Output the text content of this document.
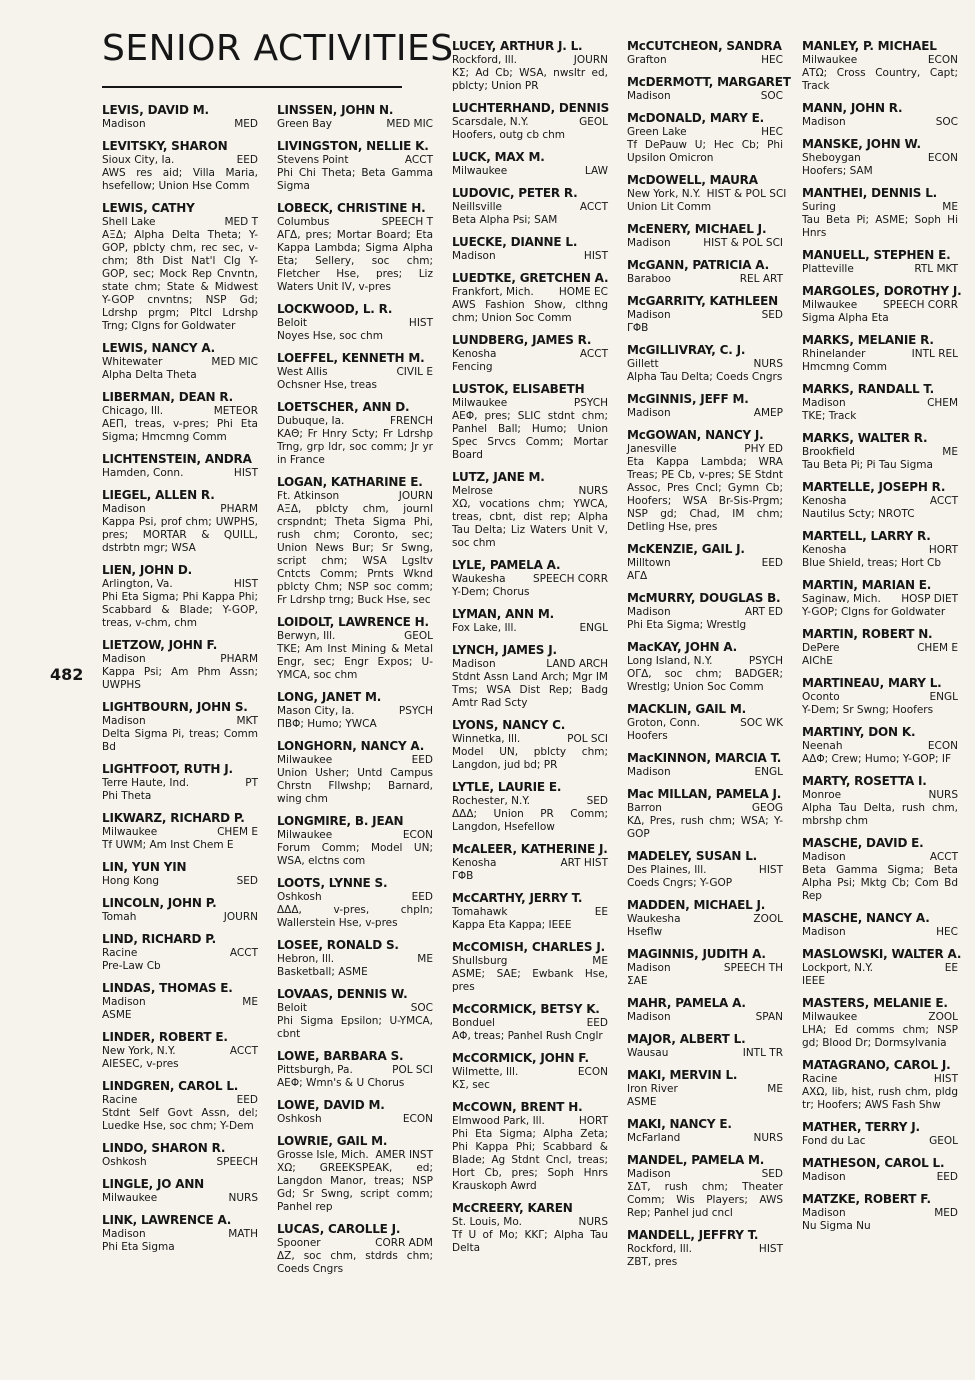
SENIOR ACTIVITIES
482
LEVIS, DAVID M.
Madison	MED
LEVITSKY, SHARON
Sioux City, Ia.	EED
AWS res aid; Villa Maria, hsefellow; Union Hse Comm
LEWIS, CATHY
Shell Lake	MED T
ΑΞΔ; Alpha Delta Theta; Y-GOP, pblcty chm, rec sec, v-chm; 8th Dist Nat'l Clg Y-GOP, sec; Mock Rep Cnvntn, state chm; State & Midwest Y-GOP cnvntns; NSP Gd; Ldrshp prgm; Pltcl Ldrshp Trng; Clgns for Goldwater
LEWIS, NANCY A.
Whitewater	MED MIC
Alpha Delta Theta
LIBERMAN, DEAN R.
Chicago, Ill.	METEOR
ΑΕΠ, treas, v-pres; Phi Eta Sigma; Hmcmng Comm
LICHTENSTEIN, ANDRA
Hamden, Conn.	HIST
LIEGEL, ALLEN R.
Madison	PHARM
Kappa Psi, prof chm; UWPHS, pres; MORTAR & QUILL, dstrbtn mgr; WSA
LIEN, JOHN D.
Arlington, Va.	HIST
Phi Eta Sigma; Phi Kappa Phi; Scabbard & Blade; Y-GOP, treas, v-chm, chm
LIETZOW, JOHN F.
Madison	PHARM
Kappa Psi; Am Phm Assn; UWPHS
LIGHTBOURN, JOHN S.
Madison	MKT
Delta Sigma Pi, treas; Comm Bd
LIGHTFOOT, RUTH J.
Terre Haute, Ind.	PT
Phi Theta
LIKWARZ, RICHARD P.
Milwaukee	CHEM E
Tf UWM; Am Inst Chem E
LIN, YUN YIN
Hong Kong	SED
LINCOLN, JOHN P.
Tomah	JOURN
LIND, RICHARD P.
Racine	ACCT
Pre-Law Cb
LINDAS, THOMAS E.
Madison	ME
ASME
LINDER, ROBERT E.
New York, N.Y.	ACCT
AIESEC, v-pres
LINDGREN, CAROL L.
Racine	EED
Stdnt Self Govt Assn, del; Luedke Hse, soc chm; Y-Dem
LINDO, SHARON R.
Oshkosh	SPEECH
LINGLE, JO ANN
Milwaukee	NURS
LINK, LAWRENCE A.
Madison	MATH
Phi Eta Sigma
LINSSEN, JOHN N.
Green Bay	MED MIC
LIVINGSTON, NELLIE K.
Stevens Point	ACCT
Phi Chi Theta; Beta Gamma Sigma
LOBECK, CHRISTINE H.
Columbus	SPEECH T
ΑΓΔ, pres; Mortar Board; Eta Kappa Lambda; Sigma Alpha Eta; Sellery, soc chm; Fletcher Hse, pres; Liz Waters Unit IV, v-pres
LOCKWOOD, L. R.
Beloit	HIST
Noyes Hse, soc chm
LOEFFEL, KENNETH M.
West Allis	CIVIL E
Ochsner Hse, treas
LOETSCHER, ANN D.
Dubuque, Ia.	FRENCH
ΚΑΘ; Fr Hnry Scty; Fr Ldrshp Trng, grp ldr, soc comm; Jr yr in France
LOGAN, KATHARINE E.
Ft. Atkinson	JOURN
ΑΞΔ, pblcty chm, journl crspndnt; Theta Sigma Phi, rush chm; Coronto, sec; Union News Bur; Sr Swng, script chm; WSA Lgsltv Cntcts Comm; Prnts Wknd pblcty Chm; NSP soc comm; Fr Ldrshp trng; Buck Hse, sec
LOIDOLT, LAWRENCE H.
Berwyn, Ill.	GEOL
ΤΚΕ; Am Inst Mining & Metal Engr, sec; Engr Expos; U-YMCA, soc chm
LONG, JANET M.
Mason City, Ia.	PSYCH
ΠΒΦ; Humo; YWCA
LONGHORN, NANCY A.
Milwaukee	EED
Union Usher; Untd Campus Chrstn Fllwshp; Barnard, wing chm
LONGMIRE, B. JEAN
Milwaukee	ECON
Forum Comm; Model UN; WSA, elctns com
LOOTS, LYNNE S.
Oshkosh	EED
ΔΔΔ, v-pres, chpln; Wallerstein Hse, v-pres
LOSEE, RONALD S.
Hebron, Ill.	ME
Basketball; ASME
LOVAAS, DENNIS W.
Beloit	SOC
Phi Sigma Epsilon; U-YMCA, cbnt
LOWE, BARBARA S.
Pittsburgh, Pa.	POL SCI
ΑΕΦ; Wmn's & U Chorus
LOWE, DAVID M.
Oshkosh	ECON
LOWRIE, GAIL M.
Grosse Isle, Mich. AMER INST
ΧΩ; GREEKSPEAK, ed; Langdon Manor, treas; NSP Gd; Sr Swng, script comm; Panhel rep
LUCAS, CAROLLE J.
Spooner	CORR ADM
ΔΖ, soc chm, stdrds chm; Coeds Cngrs
LUCEY, ARTHUR J. L.
Rockford, Ill.	JOURN
ΚΣ; Ad Cb; WSA, nwsltr ed, pblcty; Union PR
LUCHTERHAND, DENNIS
Scarsdale, N.Y.	GEOL
Hoofers, outg cb chm
LUCK, MAX M.
Milwaukee	LAW
LUDOVIC, PETER R.
Neillsville	ACCT
Beta Alpha Psi; SAM
LUECKE, DIANNE L.
Madison	HIST
LUEDTKE, GRETCHEN A.
Frankfort, Mich.	HOME EC
AWS Fashion Show, clthng chm; Union Soc Comm
LUNDBERG, JAMES R.
Kenosha	ACCT
Fencing
LUSTOK, ELISABETH
Milwaukee	PSYCH
ΑΕΦ, pres; SLIC stdnt chm; Panhel Ball; Humo; Union Spec Srvcs Comm; Mortar Board
LUTZ, JANE M.
Melrose	NURS
ΧΩ, vocations chm; YWCA, treas, cbnt, dist rep; Alpha Tau Delta; Liz Waters Unit V, soc chm
LYLE, PAMELA A.
Waukesha	SPEECH CORR
Y-Dem; Chorus
LYMAN, ANN M.
Fox Lake, Ill.	ENGL
LYNCH, JAMES J.
Madison	LAND ARCH
Stdnt Assn Land Arch; Mgr IM Tms; WSA Dist Rep; Badg Amtr Rad Scty
LYONS, NANCY C.
Winnetka, Ill.	POL SCI
Model UN, pblcty chm; Langdon, jud bd; PR
LYTLE, LAURIE E.
Rochester, N.Y.	SED
ΔΔΔ; Union PR Comm; Langdon, Hsefellow
McALEER, KATHERINE J.
Kenosha	ART HIST
ΓΦΒ
McCARTHY, JERRY T.
Tomahawk	EE
Kappa Eta Kappa; IEEE
McCOMISH, CHARLES J.
Shullsburg	ME
ASME; SAE; Ewbank Hse, pres
McCORMICK, BETSY K.
Bonduel	EED
ΑΦ, treas; Panhel Rush Cnglr
McCORMICK, JOHN F.
Wilmette, Ill.	ECON
ΚΣ, sec
McCOWN, BRENT H.
Elmwood Park, Ill.	HORT
Phi Eta Sigma; Alpha Zeta; Phi Kappa Phi; Scabbard & Blade; Ag Stdnt Cncl, treas; Hort Cb, pres; Soph Hnrs Krauskoph Awrd
McCREERY, KAREN
St. Louis, Mo.	NURS
Tf U of Mo; ΚΚΓ; Alpha Tau Delta
McCUTCHEON, SANDRA
Grafton	HEC
McDERMOTT, MARGARET
Madison	SOC
McDONALD, MARY E.
Green Lake	HEC
Tf DePauw U; Hec Cb; Phi Upsilon Omicron
McDOWELL, MAURA
New York, N.Y. HIST & POL SCI
Union Lit Comm
McENERY, MICHAEL J.
Madison	HIST & POL SCI
McGANN, PATRICIA A.
Baraboo	REL ART
McGARRITY, KATHLEEN
Madison	SED
ΓΦΒ
McGILLIVRAY, C. J.
Gillett	NURS
Alpha Tau Delta; Coeds Cngrs
McGINNIS, JEFF M.
Madison	AMEP
McGOWAN, NANCY J.
Janesville	PHY ED
Eta Kappa Lambda; WRA Treas; PE Cb, v-pres; SE Stdnt Assoc, Pres Cncl; Gymn Cb; Hoofers; WSA Br-Sis-Prgm; NSP gd; Chad, IM chm; Detling Hse, pres
McKENZIE, GAIL J.
Milltown	EED
ΑΓΔ
McMURRY, DOUGLAS B.
Madison	ART ED
Phi Eta Sigma; Wrestlg
MacKAY, JOHN A.
Long Island, N.Y.	PSYCH
ΟΓΔ, soc chm; BADGER; Wrestlg; Union Soc Comm
MACKLIN, GAIL M.
Groton, Conn.	SOC WK
Hoofers
MacKINNON, MARCIA T.
Madison	ENGL
Mac MILLAN, PAMELA J.
Barron	GEOG
ΚΔ, Pres, rush chm; WSA; Y-GOP
MADELEY, SUSAN L.
Des Plaines, Ill.	HIST
Coeds Cngrs; Y-GOP
MADDEN, MICHAEL J.
Waukesha	ZOOL
Hseflw
MAGINNIS, JUDITH A.
Madison	SPEECH TH
ΣΑΕ
MAHR, PAMELA A.
Madison	SPAN
MAJOR, ALBERT L.
Wausau	INTL TR
MAKI, MERVIN L.
Iron River	ME
ASME
MAKI, NANCY E.
McFarland	NURS
MANDEL, PAMELA M.
Madison	SED
ΣΔΤ, rush chm; Theater Comm; Wis Players; AWS Rep; Panhel jud cncl
MANDELL, JEFFRY T.
Rockford, Ill.	HIST
ΖΒΤ, pres
MANLEY, P. MICHAEL
Milwaukee	ECON
ΑΤΩ; Cross Country, Capt; Track
MANN, JOHN R.
Madison	SOC
MANSKE, JOHN W.
Sheboygan	ECON
Hoofers; SAM
MANTHEI, DENNIS L.
Suring	ME
Tau Beta Pi; ASME; Soph Hi Hnrs
MANUELL, STEPHEN E.
Platteville	RTL MKT
MARGOLES, DOROTHY J.
Milwaukee	SPEECH CORR
Sigma Alpha Eta
MARKS, MELANIE R.
Rhinelander	INTL REL
Hmcmng Comm
MARKS, RANDALL T.
Madison	CHEM
ΤΚΕ; Track
MARKS, WALTER R.
Brookfield	ME
Tau Beta Pi; Pi Tau Sigma
MARTELLE, JOSEPH R.
Kenosha	ACCT
Nautilus Scty; NROTC
MARTELL, LARRY R.
Kenosha	HORT
Blue Shield, treas; Hort Cb
MARTIN, MARIAN E.
Saginaw, Mich.	HOSP DIET
Y-GOP; Clgns for Goldwater
MARTIN, ROBERT N.
DePere	CHEM E
AIChE
MARTINEAU, MARY L.
Oconto	ENGL
Y-Dem; Sr Swng; Hoofers
MARTINY, DON K.
Neenah	ECON
ΑΔΦ; Crew; Humo; Y-GOP; IF
MARTY, ROSETTA I.
Monroe	NURS
Alpha Tau Delta, rush chm, mbrshp chm
MASCHE, DAVID E.
Madison	ACCT
Beta Gamma Sigma; Beta Alpha Psi; Mktg Cb; Com Bd Rep
MASCHE, NANCY A.
Madison	HEC
MASLOWSKI, WALTER A.
Lockport, N.Y.	EE
IEEE
MASTERS, MELANIE E.
Milwaukee	ZOOL
LHA; Ed comms chm; NSP gd; Blood Dr; Dormsylvania
MATAGRANO, CAROL J.
Racine	HIST
ΑΧΩ, lib, hist, rush chm, pldg tr; Hoofers; AWS Fash Shw
MATHER, TERRY J.
Fond du Lac	GEOL
MATHESON, CAROL L.
Madison	EED
MATZKE, ROBERT F.
Madison	MED
Nu Sigma Nu
